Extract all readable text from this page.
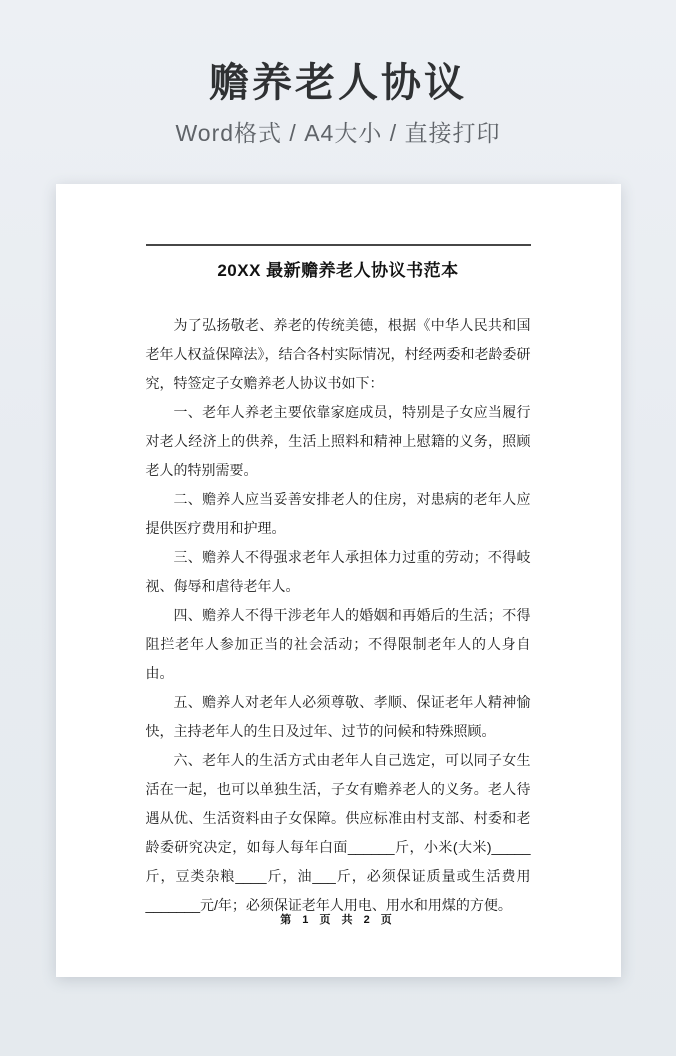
赡养老人协议
Word格式 / A4大小 / 直接打印
20XX 最新赡养老人协议书范本

为了弘扬敬老、养老的传统美德，根据《中华人民共和国老年人权益保障法》，结合各村实际情况，村经两委和老龄委研究，特签定子女赡养老人协议书如下：

一、老年人养老主要依靠家庭成员，特别是子女应当履行对老人经济上的供养，生活上照料和精神上慰籍的义务，照顾老人的特别需要。

二、赡养人应当妥善安排老人的住房，对患病的老年人应提供医疗费用和护理。

三、赡养人不得强求老年人承担体力过重的劳动；不得岐视、侮辱和虐待老年人。

四、赡养人不得干涉老年人的婚姻和再婚后的生活；不得阻拦老年人参加正当的社会活动；不得限制老年人的人身自由。

五、赡养人对老年人必须尊敬、孝顺、保证老年人精神愉快，主持老年人的生日及过年、过节的问候和特殊照顾。

六、老年人的生活方式由老年人自己选定，可以同子女生活在一起，也可以单独生活，子女有赡养老人的义务。老人待遇从优、生活资料由子女保障。供应标准由村支部、村委和老龄委研究决定，如每人每年白面______斤，小米(大米)_____斤，豆类杂粮____斤，油___斤，必须保证质量或生活费用_______元/年；必须保证老年人用电、用水和用煤的方便。

第 1 页 共 2 页
